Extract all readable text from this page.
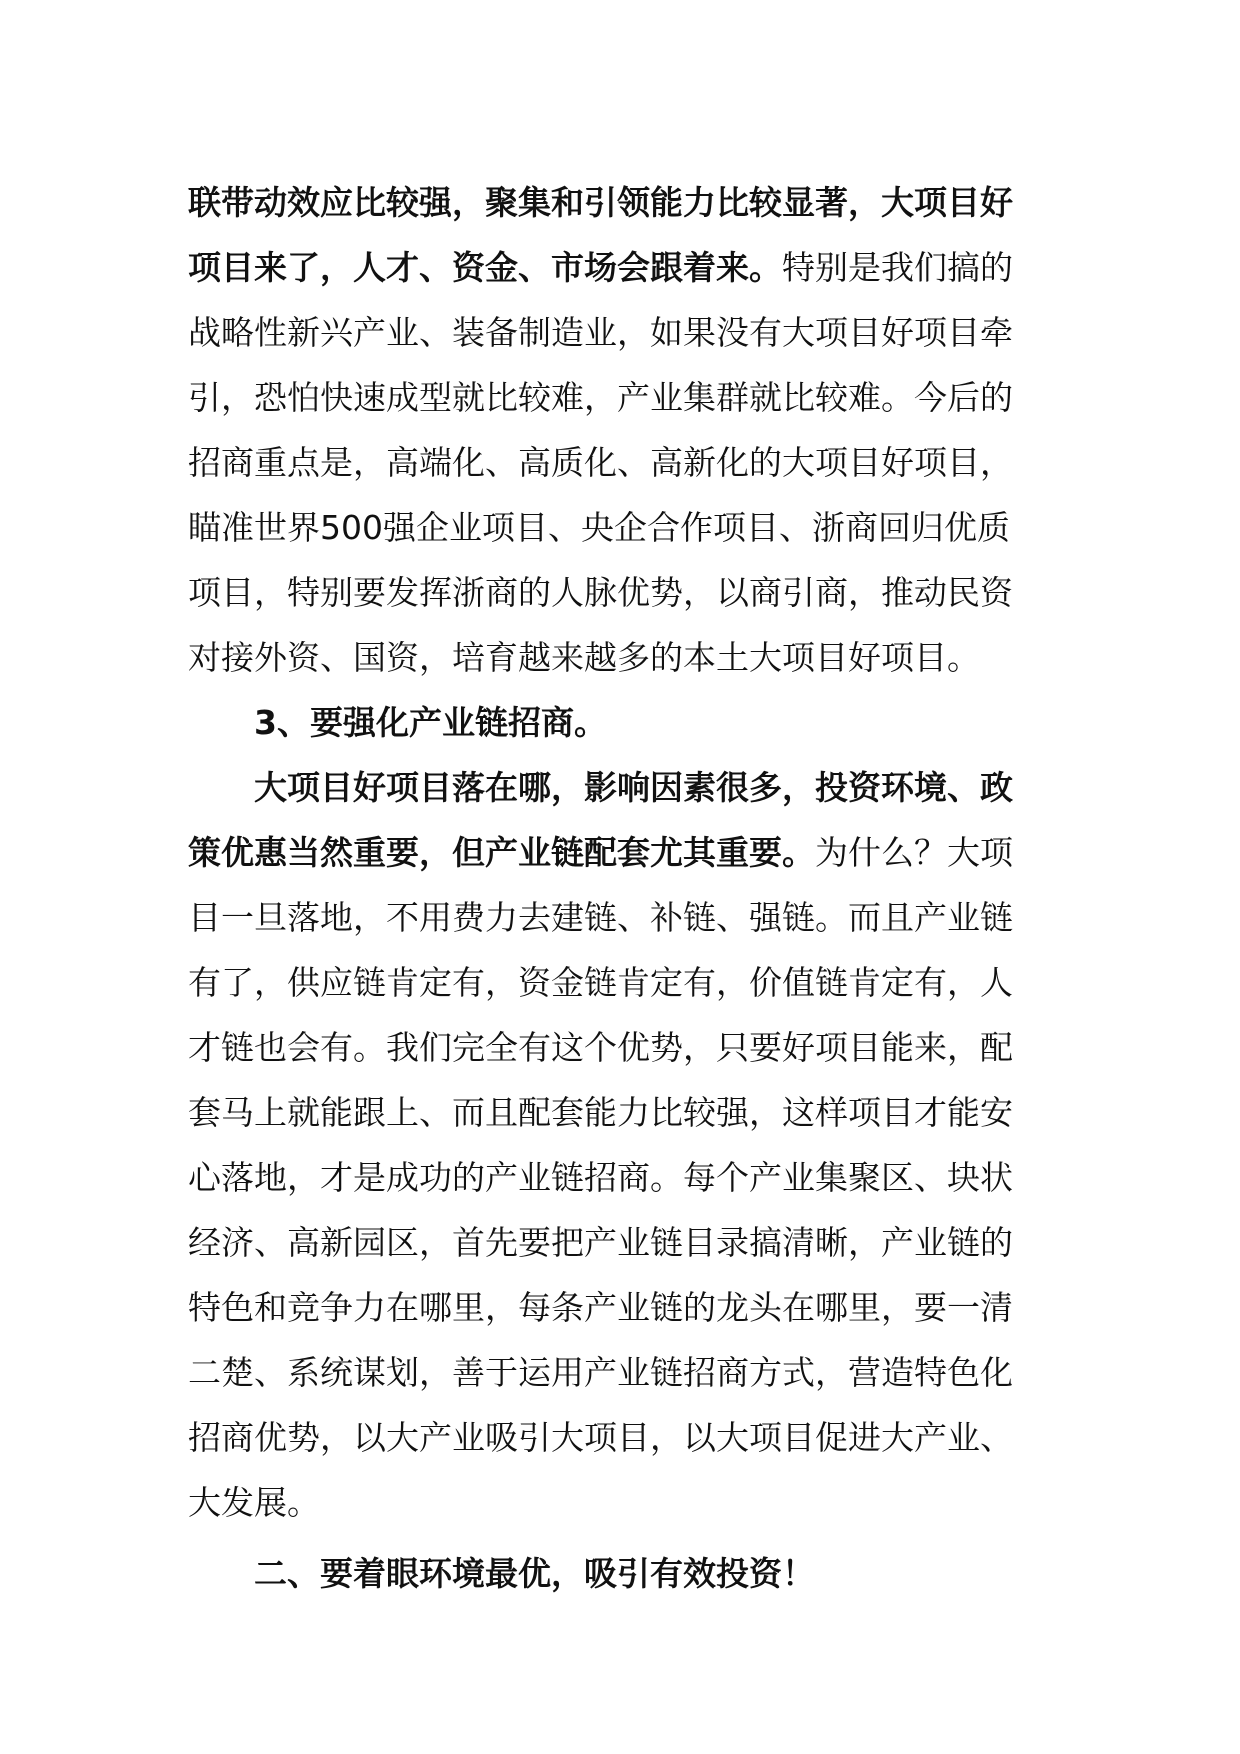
联带动效应比较强，聚集和引领能力比较显著，大项目好
项目来了，人才、资金、市场会跟着来。特别是我们搞的
战略性新兴产业、装备制造业，如果没有大项目好项目牵
引，恐怕快速成型就比较难，产业集群就比较难。今后的
招商重点是，高端化、高质化、高新化的大项目好项目，
瞄准世界500强企业项目、央企合作项目、浙商回归优质
项目，特别要发挥浙商的人脉优势，以商引商，推动民资
对接外资、国资，培育越来越多的本土大项目好项目。
3、要强化产业链招商。
大项目好项目落在哪，影响因素很多，投资环境、政
策优惠当然重要，但产业链配套尤其重要。为什么？大项
目一旦落地，不用费力去建链、补链、强链。而且产业链
有了，供应链肯定有，资金链肯定有，价值链肯定有，人
才链也会有。我们完全有这个优势，只要好项目能来，配
套马上就能跟上、而且配套能力比较强，这样项目才能安
心落地，才是成功的产业链招商。每个产业集聚区、块状
经济、高新园区，首先要把产业链目录搞清晰，产业链的
特色和竞争力在哪里，每条产业链的龙头在哪里，要一清
二楚、系统谋划，善于运用产业链招商方式，营造特色化
招商优势，以大产业吸引大项目，以大项目促进大产业、
大发展。
二、要着眼环境最优，吸引有效投资！
